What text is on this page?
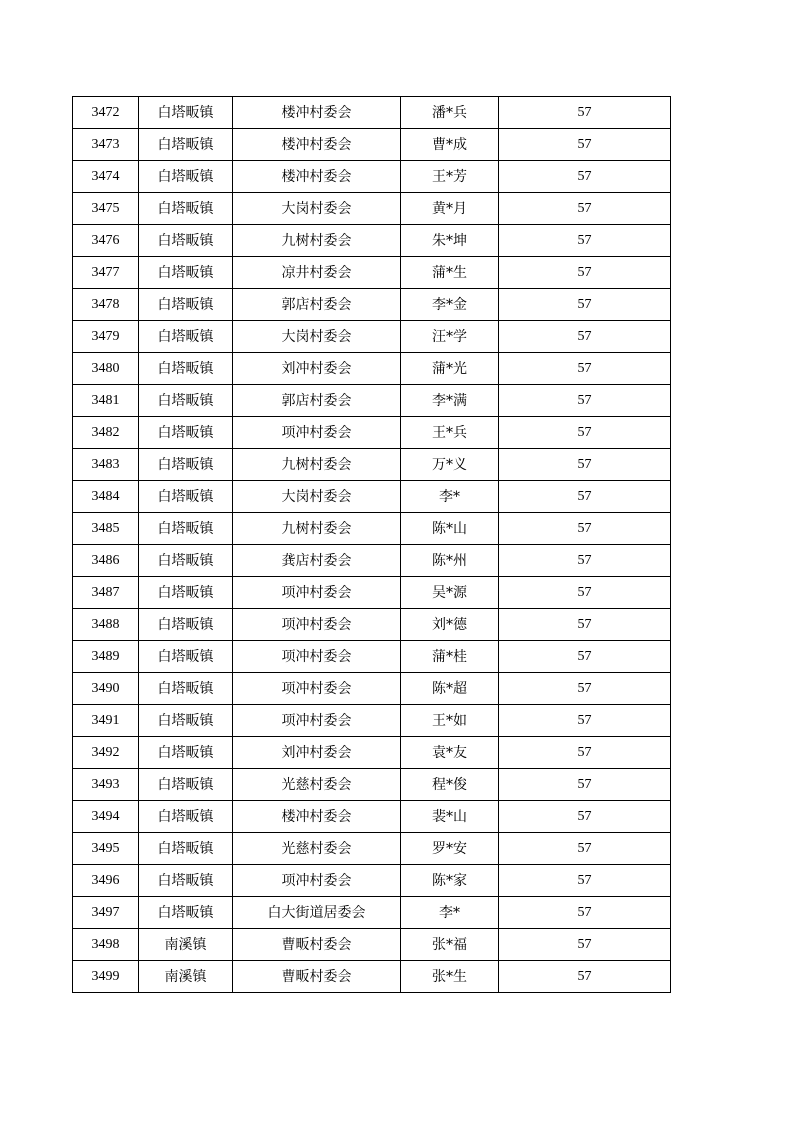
3472	白塔畈镇	楼冲村委会	潘*兵	57
3473	白塔畈镇	楼冲村委会	曹*成	57
3474	白塔畈镇	楼冲村委会	王*芳	57
3475	白塔畈镇	大岗村委会	黄*月	57
3476	白塔畈镇	九树村委会	朱*坤	57
3477	白塔畈镇	凉井村委会	蒲*生	57
3478	白塔畈镇	郭店村委会	李*金	57
3479	白塔畈镇	大岗村委会	汪*学	57
3480	白塔畈镇	刘冲村委会	蒲*光	57
3481	白塔畈镇	郭店村委会	李*满	57
3482	白塔畈镇	项冲村委会	王*兵	57
3483	白塔畈镇	九树村委会	万*义	57
3484	白塔畈镇	大岗村委会	李*	57
3485	白塔畈镇	九树村委会	陈*山	57
3486	白塔畈镇	龚店村委会	陈*州	57
3487	白塔畈镇	项冲村委会	吴*源	57
3488	白塔畈镇	项冲村委会	刘*德	57
3489	白塔畈镇	项冲村委会	蒲*桂	57
3490	白塔畈镇	项冲村委会	陈*超	57
3491	白塔畈镇	项冲村委会	王*如	57
3492	白塔畈镇	刘冲村委会	袁*友	57
3493	白塔畈镇	光慈村委会	程*俊	57
3494	白塔畈镇	楼冲村委会	裴*山	57
3495	白塔畈镇	光慈村委会	罗*安	57
3496	白塔畈镇	项冲村委会	陈*家	57
3497	白塔畈镇	白大街道居委会	李*	57
3498	南溪镇	曹畈村委会	张*福	57
3499	南溪镇	曹畈村委会	张*生	57
